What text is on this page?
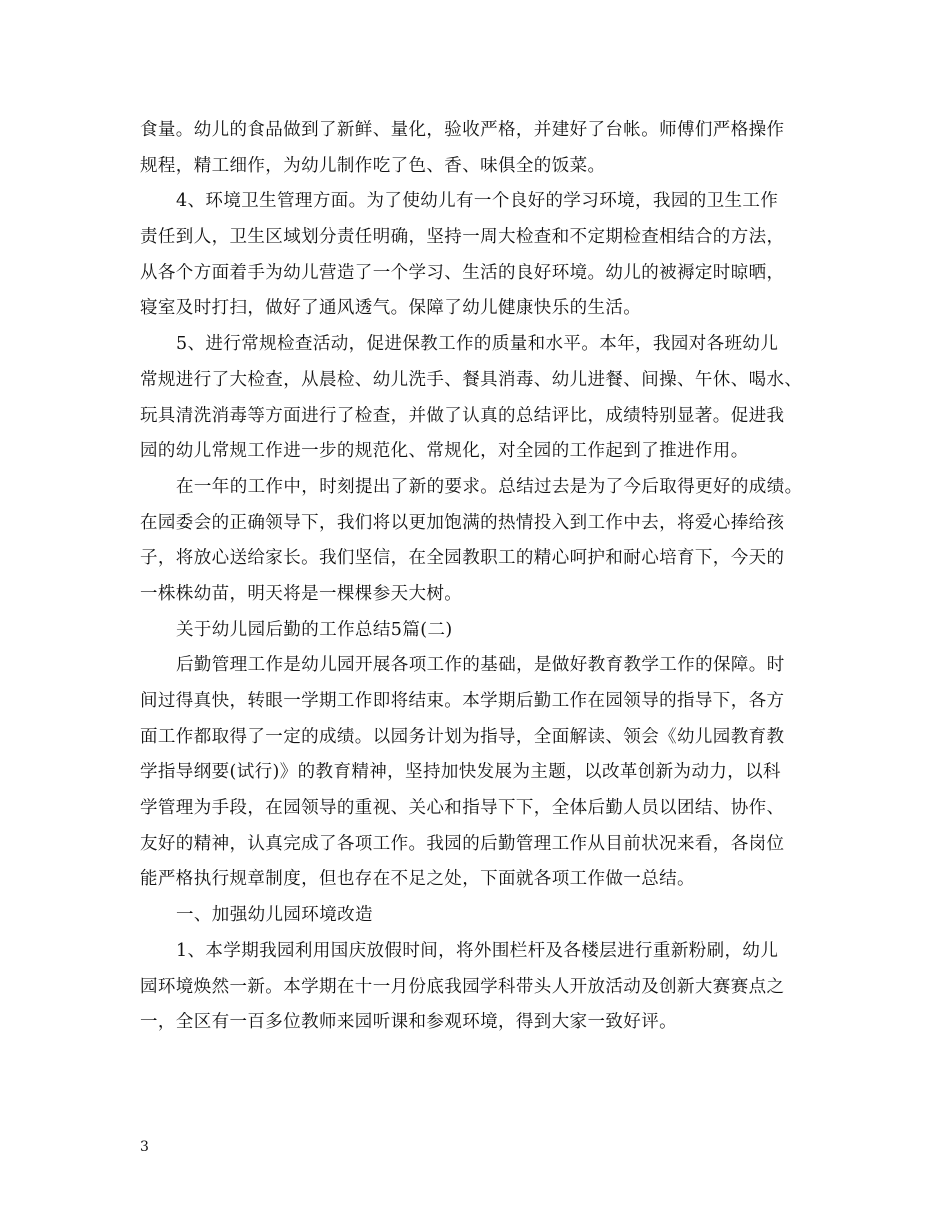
食量。幼儿的食品做到了新鲜、量化，验收严格，并建好了台帐。师傅们严格操作
规程，精工细作，为幼儿制作吃了色、香、味俱全的饭菜。
4、环境卫生管理方面。为了使幼儿有一个良好的学习环境，我园的卫生工作
责任到人，卫生区域划分责任明确，坚持一周大检查和不定期检查相结合的方法，
从各个方面着手为幼儿营造了一个学习、生活的良好环境。幼儿的被褥定时晾晒，
寝室及时打扫，做好了通风透气。保障了幼儿健康快乐的生活。
5、进行常规检查活动，促进保教工作的质量和水平。本年，我园对各班幼儿
常规进行了大检查，从晨检、幼儿洗手、餐具消毒、幼儿进餐、间操、午休、喝水、
玩具清洗消毒等方面进行了检查，并做了认真的总结评比，成绩特别显著。促进我
园的幼儿常规工作进一步的规范化、常规化，对全园的工作起到了推进作用。
在一年的工作中，时刻提出了新的要求。总结过去是为了今后取得更好的成绩。
在园委会的正确领导下，我们将以更加饱满的热情投入到工作中去，将爱心捧给孩
子，将放心送给家长。我们坚信，在全园教职工的精心呵护和耐心培育下，今天的
一株株幼苗，明天将是一棵棵参天大树。
关于幼儿园后勤的工作总结5篇(二)
后勤管理工作是幼儿园开展各项工作的基础，是做好教育教学工作的保障。时
间过得真快，转眼一学期工作即将结束。本学期后勤工作在园领导的指导下，各方
面工作都取得了一定的成绩。以园务计划为指导，全面解读、领会《幼儿园教育教
学指导纲要(试行)》的教育精神，坚持加快发展为主题，以改革创新为动力，以科
学管理为手段，在园领导的重视、关心和指导下下，全体后勤人员以团结、协作、
友好的精神，认真完成了各项工作。我园的后勤管理工作从目前状况来看，各岗位
能严格执行规章制度，但也存在不足之处，下面就各项工作做一总结。
一、加强幼儿园环境改造
1、本学期我园利用国庆放假时间，将外围栏杆及各楼层进行重新粉刷，幼儿
园环境焕然一新。本学期在十一月份底我园学科带头人开放活动及创新大赛赛点之
一，全区有一百多位教师来园听课和参观环境，得到大家一致好评。
3
